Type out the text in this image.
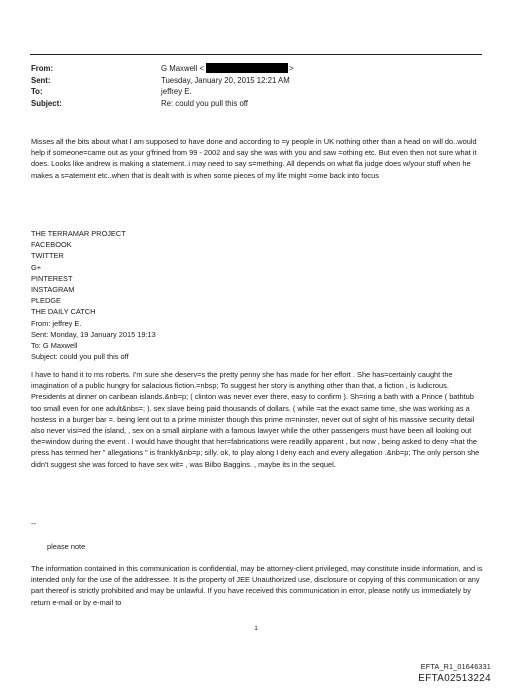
From:	G Maxwell <	>
Sent:	Tuesday, January 20, 2015 12:21 AM
To:	jeffrey E.
Subject:	Re: could you pull this off

Misses all the bits about what I am supposed to have done and according to =y people in UK nothing other than a head on will do..would help if someone=came out as your g'frined from 99 - 2002 and say she was with you and saw =othing etc. But even then not sure what it does. Looks like andrew is making a statement..i may need to say s=mething. All depends on what fla judge does w/your stuff when he makes a s=atement etc..when that is dealt with is when some pieces of my life might =ome back into focus

THE TERRAMAR PROJECT
FACEBOOK
TWITTER
G+
PINTEREST
INSTAGRAM
PLEDGE
THE DAILY CATCH
From: jeffrey E.
Sent: Monday, 19 January 2015 19:13
To: G Maxwell
Subject: could you pull this off

I have to hand it to ms roberts. I'm sure she deserv=s the pretty penny she has made for her effort . She has=certainly caught the imagination of a public hungry for salacious fiction.=nbsp; To suggest her story is anything other than that, a fiction , is ludicrous. Presidents at dinner on caribean islands.&nb=p; ( clinton was never ever there, easy to confirm ). Sh=ring a bath with a Prince ( bathtub too small even for one adult&nbs=; ). sex slave being paid thousands of dollars. ( while =at the exact same time, she was working as a hostess in a burger bar =. being lent out to a prime minister though this prime m=ninster, never out of sight of his massive security detail also never visi=ed the island, , sex on a small airplane with a famous lawyer while the other passengers must have been all looking out the=window during the event . I would have thought that her=fabrications were readilly apparent , but now , being asked to deny =hat the press has termed her " allegations " is frankly&nb=p; silly. ok, to play along I deny each and every allegation .&nb=p; The only person she didn't suggest she was forced to have sex wit= , was Bilbo Baggins. , maybe its in the sequel.

--
please note

The information contained in this communication is confidential, may be attorney-client privileged, may constitute inside information, and is intended only for the use of the addressee. It is the property of JEE Unauthorized use, disclosure or copying of this communication or any part thereof is strictly prohibited and may be unlawful. If you have received this communication in error, please notify us immediately by return e-mail or by e-mail to

1
EFTA_R1_01646331
EFTA02513224
